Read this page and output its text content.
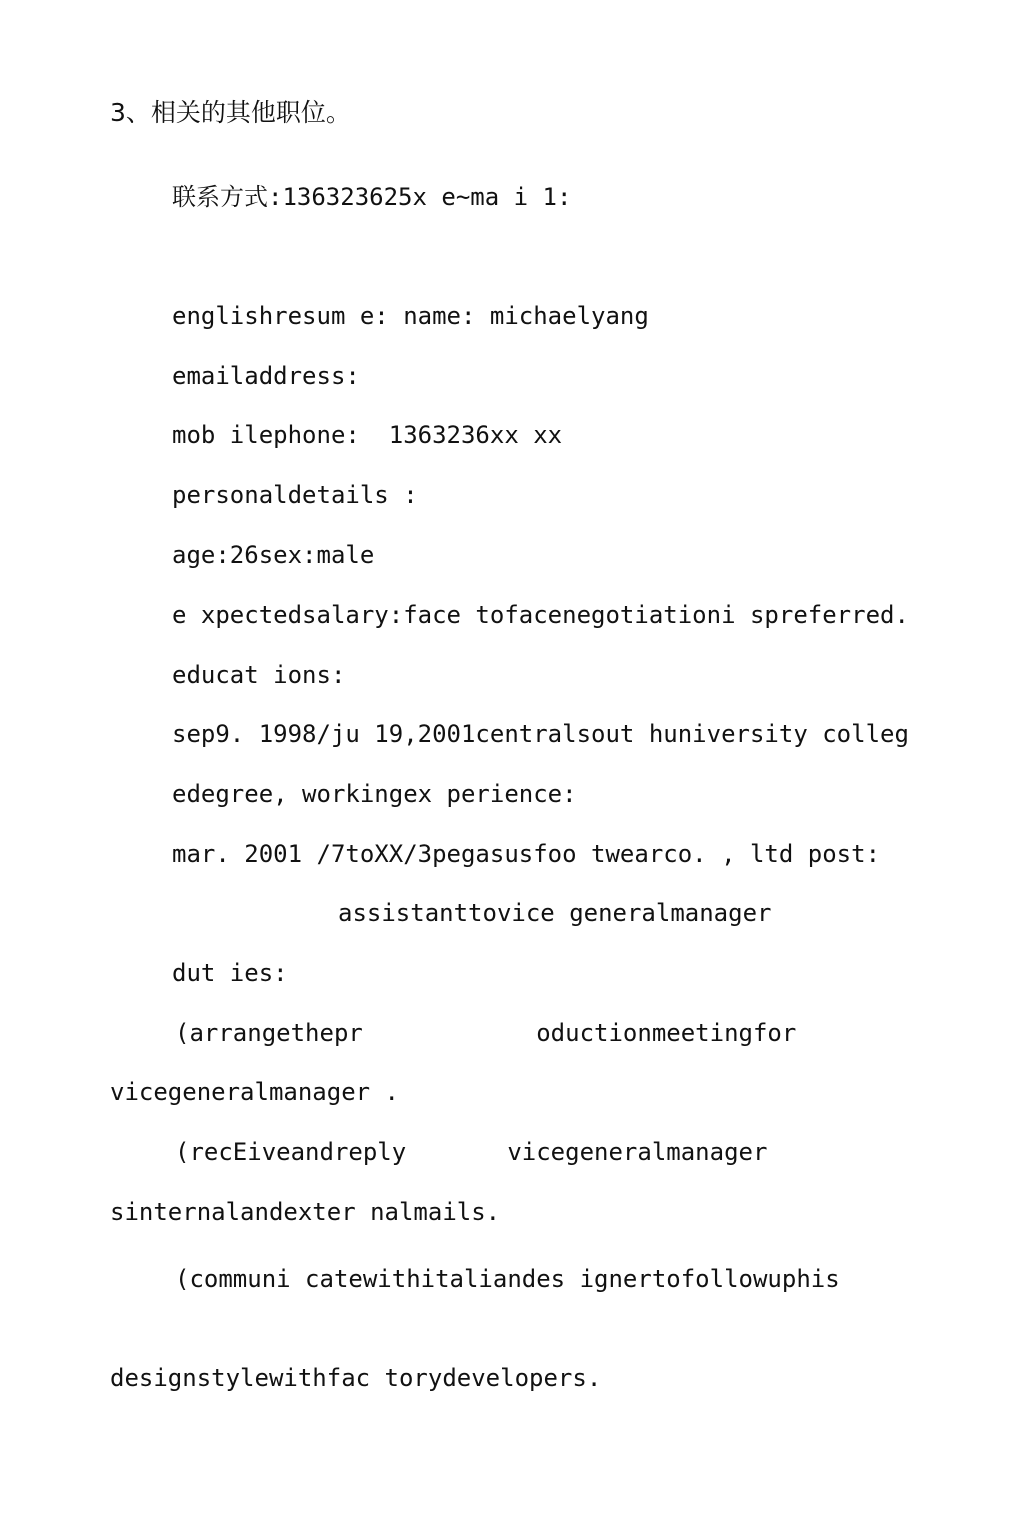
3、相关的其他职位。
联系方式:136323625x e~ma i 1:
englishresum e: name: michaelyang
emailaddress:
mob ilephone:  1363236xx xx
personaldetails :
age:26sex:male
e xpectedsalary:face tofacenegotiationi spreferred.
educat ions:
sep9. 1998/ju 19,2001centralsout huniversity colleg
edegree, workingex perience:
mar. 2001 /7toXX/3pegasusfoo twearco. , ltd post:
assistanttovice generalmanager
dut ies:
(arrangethepr            oductionmeetingfor
vicegeneralmanager .
(recEiveandreply       vicegeneralmanager
sinternalandexter nalmails.
(communi catewithitaliandes ignertofollowuphis
designstylewithfac torydevelopers.
